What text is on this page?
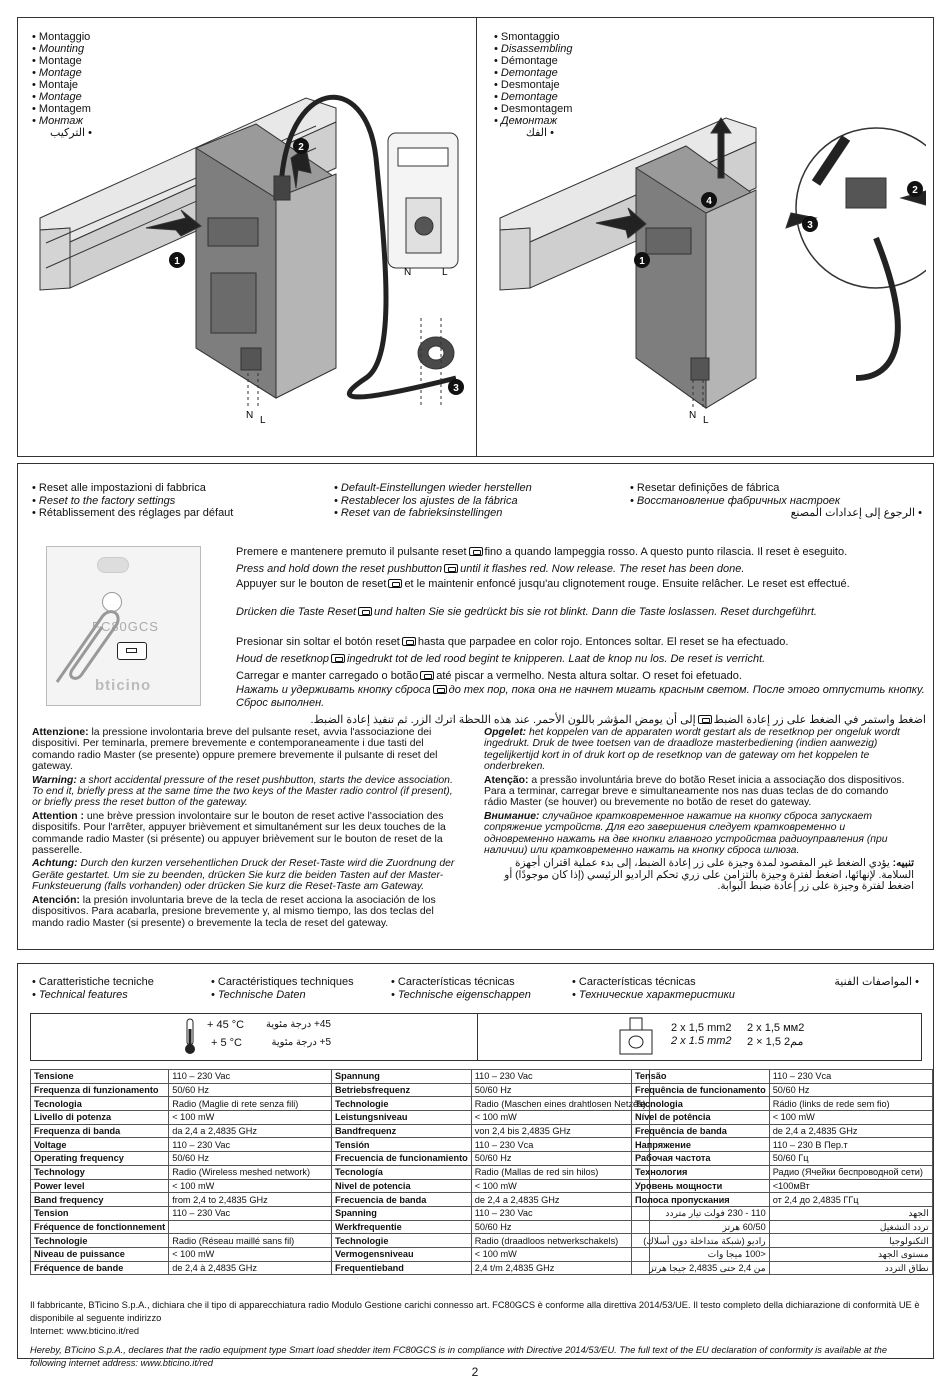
• Montaggio
• Mounting
• Montage
• Montage
• Montaje
• Montage
• Montagem
• Монтаж
• التركيب
• Smontaggio
• Disassembling
• Démontage
• Demontage
• Desmontaje
• Demontage
• Desmontagem
• Демонтаж
• الفك
1
2
3
N	L
N L
1
2
3
4
N L
• Reset alle impostazioni di fabbrica
• Reset to the factory settings
• Rétablissement des réglages par défaut
• Default-Einstellungen wieder herstellen
• Restablecer los ajustes de la fábrica
• Reset van de fabrieksinstellingen
• Resetar definições de fábrica
• Восстановление фабричных настроек
• الرجوع إلى إعدادات المصنع
FC80GCS
bticino
Premere e mantenere premuto il pulsante reset fino a quando lampeggia rosso. A questo punto rilascia. Il reset è eseguito.
Press and hold down the reset pushbutton until it flashes red. Now release. The reset has been done.
Appuyer sur le bouton de reset et le maintenir enfoncé jusqu'au clignotement rouge. Ensuite relâcher. Le reset est effectué.
Drücken die Taste Reset und halten Sie sie gedrückt bis sie rot blinkt. Dann die Taste loslassen. Reset durchgeführt.
Presionar sin soltar el botón reset hasta que parpadee en color rojo. Entonces soltar. El reset se ha efectuado.
Houd de resetknop ingedrukt tot de led rood begint te knipperen. Laat de knop nu los. De reset is verricht.
Carregar e manter carregado o botão até piscar a vermelho. Nesta altura soltar. O reset foi efetuado.
Нажать и удерживать кнопку сброса до тех пор, пока она не начнет мигать красным светом. После этого отпустить кнопку. Сброс выполнен.
اضغط واستمر في الضغط على زر إعادة الضبطإلى أن يومض المؤشر باللون الأحمر. عند هذه اللحظة اترك الزر. ثم تنفيذ إعادة الضبط.

Attenzione: la pressione involontaria breve del pulsante reset, avvia l'associazione dei dispositivi. Per teminarla, premere brevemente e contemporaneamente i due tasti del comando radio Master (se presente) oppure premere brevemente il pulsante di reset del gateway.

Warning: a short accidental pressure of the reset pushbutton, starts the device association. To end it, briefly press at the same time the two keys of the Master radio control (if present), or briefly press the reset button of the gateway.

Attention : une brève pression involontaire sur le bouton de reset active l'association des dispositifs. Pour l'arrêter, appuyer brièvement et simultanément sur les deux touches de la commande radio Master (si présente) ou appuyer brièvement sur le bouton de reset de la passerelle.

Achtung: Durch den kurzen versehentlichen Druck der Reset-Taste wird die Zuordnung der Geräte gestartet. Um sie zu beenden, drücken Sie kurz die beiden Tasten auf der Master-Funksteuerung (falls vorhanden) oder drücken Sie kurz die Reset-Taste am Gateway.

Atención: la presión involuntaria breve de la tecla de reset acciona la asociación de los dispositivos. Para acabarla, presione brevemente y, al mismo tiempo, las dos teclas del mando radio Master (si presente) o brevemente la tecla de reset del gateway.

Opgelet: het koppelen van de apparaten wordt gestart als de resetknop per ongeluk wordt ingedrukt. Druk de twee toetsen van de draadloze masterbediening (indien aanwezig) tegelijkertijd kort in of druk kort op de resetknop van de gateway om het koppelen te onderbreken.

Atenção: a pressão involuntária breve do botão Reset inicia a associação dos dispositivos. Para a terminar, carregar breve e simultaneamente nos nas duas teclas de do comando rádio Master (se houver) ou brevemente no botão de reset do gateway.

Внимание: случайное кратковременное нажатие на кнопку сброса запускает сопряжение устройств. Для его завершения следует кратковременно и одновременно нажать на две кнопки главного устройства радиоуправления (при наличии) или кратковременно нажать на кнопку сброса шлюза.

تنبيه: يؤدي الضغط غير المقصود لمدة وجيزة على زر إعادة الضبط، إلى بدء عملية اقتران أجهزة السلامة. لإنهائها، اضغط لفترة وجيزة بالتزامن على زري تحكم الراديو الرئيسي (إذا كان موجودًا) أو اضغط لفترة وجيزة على زر إعادة ضبط البوابة.

• Caratteristiche tecniche
• Technical features
• Caractéristiques techniques
• Technische Daten
• Características técnicas
• Technische eigenschappen
• Características técnicas
• Технические характеристики
• المواصفات الفنية
+ 45 °C
+ 5 °C
45+ درجة مئوية
5+ درجة مئوية
2 x 1,5 mm2
2 x 1.5 mm2
2 x 1,5 мм2
2 × 1,5 مم2
Tensione	110 – 230 Vac
Frequenza di funzionamento	50/60 Hz
Tecnologia	Radio (Maglie di rete senza fili)
Livello di potenza	< 100 mW
Frequenza di banda	da 2,4 a 2,4835 GHz
Voltage	110 – 230 Vac
Operating frequency	50/60 Hz
Technology	Radio (Wireless meshed network)
Power level	< 100 mW
Band frequency	from 2,4 to 2,4835 GHz
Tension	110 – 230 Vac
Fréquence de fonctionnement	
Technologie	Radio (Réseau maillé sans fil)
Niveau de puissance	< 100 mW
Fréquence de bande	de 2,4 à 2,4835 GHz
Spannung	110 – 230 Vac
Betriebsfrequenz	50/60 Hz
Technologie	Radio (Maschen eines drahtlosen Netzes)
Leistungsniveau	< 100 mW
Bandfrequenz	von 2,4 bis 2,4835 GHz
Tensión	110 – 230 Vca
Frecuencia de funcionamiento	50/60 Hz
Tecnología	Radio (Mallas de red sin hilos)
Nivel de potencia	< 100 mW
Frecuencia de banda	de 2,4 a 2,4835 GHz
Spanning	110 – 230 Vac
Werkfrequentie	50/60 Hz
Technologie	Radio (draadloos netwerkschakels)
Vermogensniveau	< 100 mW
Frequentieband	2,4 t/m 2,4835 GHz
Tensão	110 – 230 Vca
Frequência de funcionamento	50/60 Hz
Tecnologia	Rádio (links de rede sem fio)
Nível de potência	< 100 mW
Frequência de banda	de 2,4 a 2,4835 GHz
Напряжение	110 – 230 В Пер.т
Рабочая частота	50/60 Гц
Технология	Радио (Ячейки беспроводной сети)
Уровень мощности	<100мВт
Полоса пропускания	от 2,4 до 2,4835 ГГц
110 - 230 فولت تيار متردد	الجهد
60/50 هرتز	تردد التشغيل
راديو (شبكة متداخلة دون أسلاك)	التكنولوجيا
<100 ميجا وات	مستوى الجهد
من 2,4 حتى 2,4835 جيجا هرتز	نطاق التردد
Il fabbricante, BTicino S.p.A., dichiara che il tipo di apparecchiatura radio Modulo Gestione carichi connesso art. FC80GCS è conforme alla direttiva 2014/53/UE. Il testo completo della dichiarazione di conformità UE è disponibile al seguente indirizzo
Internet: www.bticino.it/red
Hereby, BTicino S.p.A., declares that the radio equipment type Smart load shedder item FC80GCS is in compliance with Directive 2014/53/EU. The full text of the EU declaration of conformity is available at the following internet address: www.bticino.it/red
2
